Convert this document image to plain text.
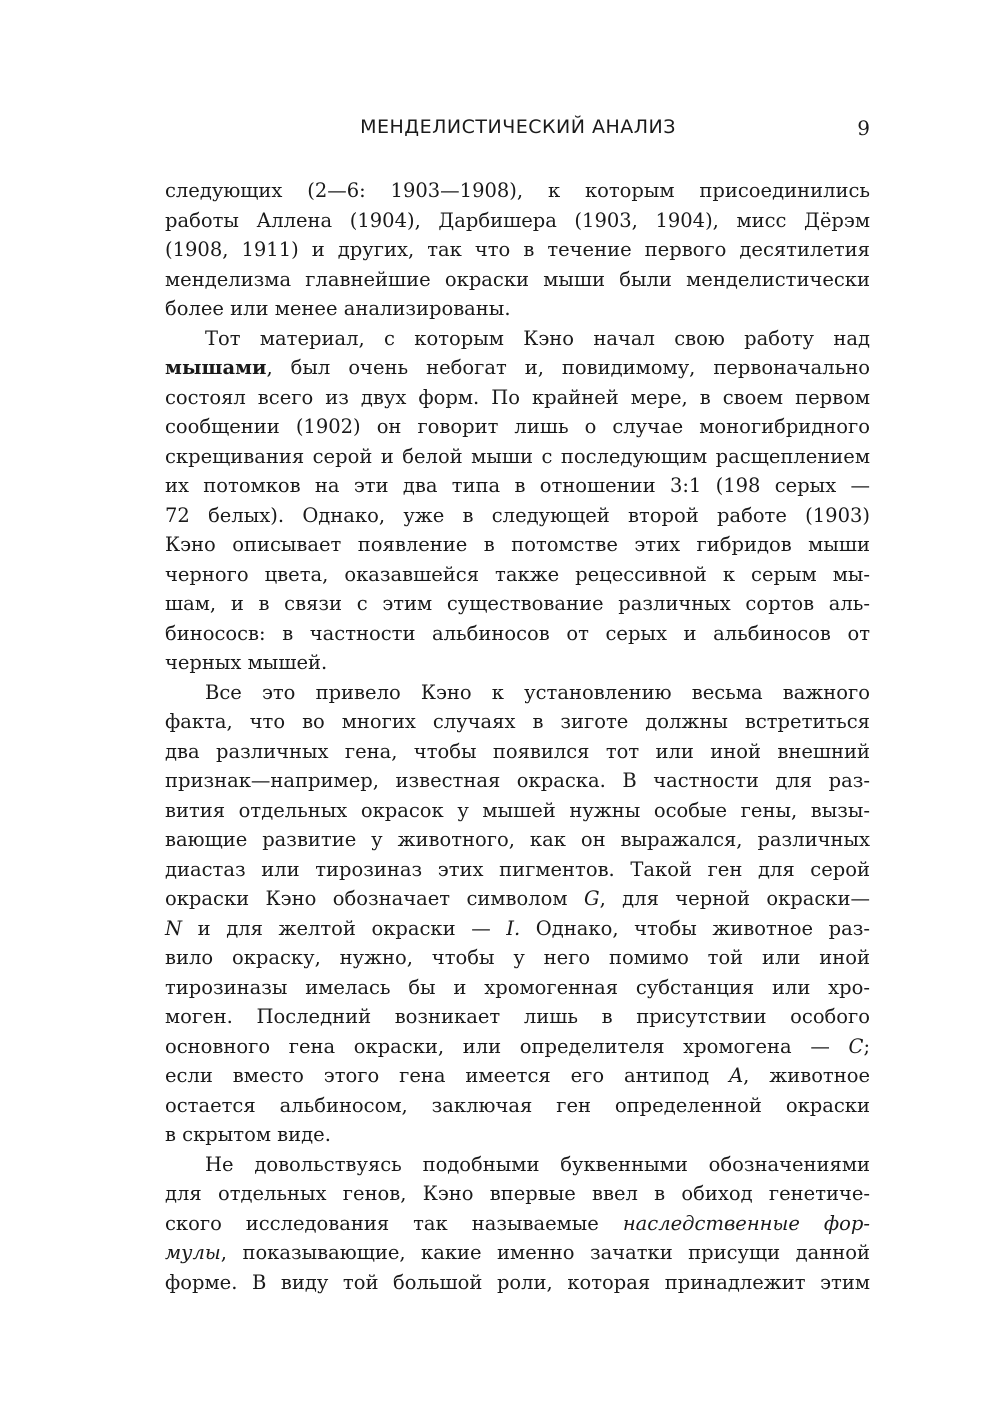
МЕНДЕЛИСТИЧЕСКИЙ АНАЛИЗ	9
следующих (2—6: 1903—1908), к которым присоединились
работы Аллена (1904), Дарбишера (1903, 1904), мисс Дёрэм
(1908, 1911) и других, так что в течение первого десятилетия
менделизма главнейшие окраски мыши были менделистически
более или менее анализированы.
Тот материал, с которым Кэно начал свою работу над
мышами, был очень небогат и, повидимому, первоначально
состоял всего из двух форм. По крайней мере, в своем первом
сообщении (1902) он говорит лишь о случае моногибридного
скрещивания серой и белой мыши с последующим расщеплением
их потомков на эти два типа в отношении 3:1 (198 серых —
72 белых). Однако, уже в следующей второй работе (1903)
Кэно описывает появление в потомстве этих гибридов мыши
черного цвета, оказавшейся также рецессивной к серым мы-
шам, и в связи с этим существование различных сортов аль-
бинососв: в частности альбиносов от серых и альбиносов от
черных мышей.
Все это привело Кэно к установлению весьма важного
факта, что во многих случаях в зиготе должны встретиться
два различных гена, чтобы появился тот или иной внешний
признак—например, известная окраска. В частности для раз-
вития отдельных окрасок у мышей нужны особые гены, вызы-
вающие развитие у животного, как он выражался, различных
диастаз или тирозиназ этих пигментов. Такой ген для серой
окраски Кэно обозначает символом G, для черной окраски—
N и для желтой окраски — I. Однако, чтобы животное раз-
вило окраску, нужно, чтобы у него помимо той или иной
тирозиназы имелась бы и хромогенная субстанция или хро-
моген. Последний возникает лишь в присутствии особого
основного гена окраски, или определителя хромогена — C;
если вместо этого гена имеется его антипод A, животное
остается альбиносом, заключая ген определенной окраски
в скрытом виде.
Не довольствуясь подобными буквенными обозначениями
для отдельных генов, Кэно впервые ввел в обиход генетиче-
ского исследования так называемые наследственные фор-
мулы, показывающие, какие именно зачатки присущи данной
форме. В виду той большой роли, которая принадлежит этим
